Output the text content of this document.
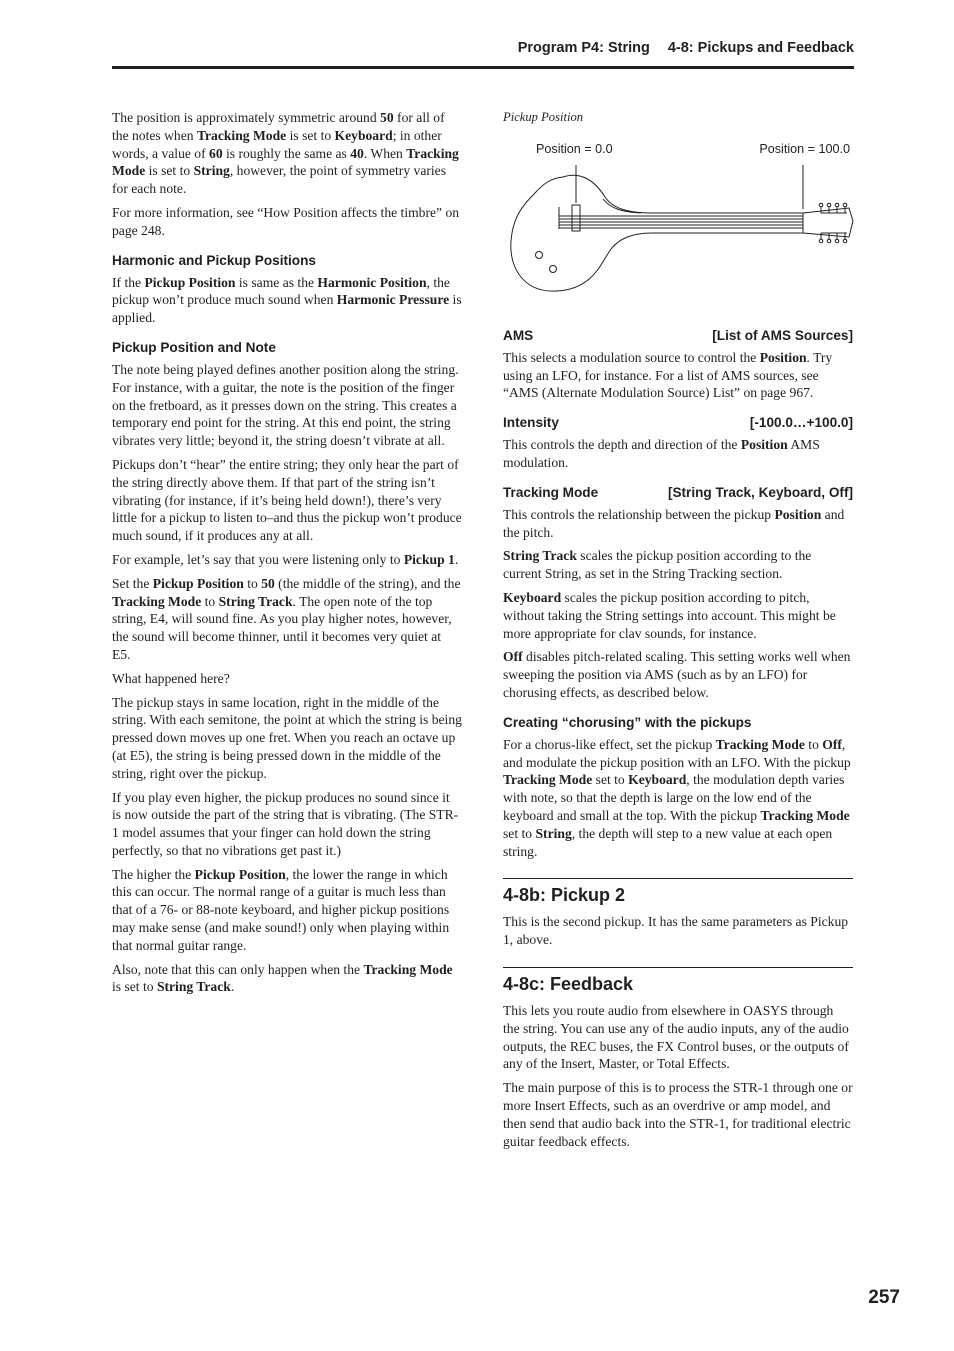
Program P4: String 4-8: Pickups and Feedback

The position is approximately symmetric around 50 for all of the notes when Tracking Mode is set to Keyboard; in other words, a value of 60 is roughly the same as 40. When Tracking Mode is set to String, however, the point of symmetry varies for each note.

For more information, see “How Position affects the timbre” on page 248.

Harmonic and Pickup Positions

If the Pickup Position is same as the Harmonic Position, the pickup won’t produce much sound when Harmonic Pressure is applied.

Pickup Position and Note

The note being played defines another position along the string. For instance, with a guitar, the note is the position of the finger on the fretboard, as it presses down on the string. This creates a temporary end point for the string. At this end point, the string vibrates very little; beyond it, the string doesn’t vibrate at all.

Pickups don’t “hear” the entire string; they only hear the part of the string directly above them. If that part of the string isn’t vibrating (for instance, if it’s being held down!), there’s very little for a pickup to listen to–and thus the pickup won’t produce much sound, if it produces any at all.

For example, let’s say that you were listening only to Pickup 1.

Set the Pickup Position to 50 (the middle of the string), and the Tracking Mode to String Track. The open note of the top string, E4, will sound fine. As you play higher notes, however, the sound will become thinner, until it becomes very quiet at E5.

What happened here?

The pickup stays in same location, right in the middle of the string. With each semitone, the point at which the string is being pressed down moves up one fret. When you reach an octave up (at E5), the string is being pressed down in the middle of the string, right over the pickup.

If you play even higher, the pickup produces no sound since it is now outside the part of the string that is vibrating. (The STR-1 model assumes that your finger can hold down the string perfectly, so that no vibrations get past it.)

The higher the Pickup Position, the lower the range in which this can occur. The normal range of a guitar is much less than that of a 76- or 88-note keyboard, and higher pickup positions may make sense (and make sound!) only when playing within that normal guitar range.

Also, note that this can only happen when the Tracking Mode is set to String Track.

Pickup Position

Position = 0.0	Position = 100.0
AMS	[List of AMS Sources]

This selects a modulation source to control the Position. Try using an LFO, for instance. For a list of AMS sources, see “AMS (Alternate Modulation Source) List” on page 967.

Intensity	[-100.0…+100.0]

This controls the depth and direction of the Position AMS modulation.

Tracking Mode	[String Track, Keyboard, Off]

This controls the relationship between the pickup Position and the pitch.

String Track scales the pickup position according to the current String, as set in the String Tracking section.

Keyboard scales the pickup position according to pitch, without taking the String settings into account. This might be more appropriate for clav sounds, for instance.

Off disables pitch-related scaling. This setting works well when sweeping the position via AMS (such as by an LFO) for chorusing effects, as described below.

Creating “chorusing” with the pickups

For a chorus-like effect, set the pickup Tracking Mode to Off, and modulate the pickup position with an LFO. With the pickup Tracking Mode set to Keyboard, the modulation depth varies with note, so that the depth is large on the low end of the keyboard and small at the top. With the pickup Tracking Mode set to String, the depth will step to a new value at each open string.

4-8b: Pickup 2

This is the second pickup. It has the same parameters as Pickup 1, above.

4-8c: Feedback

This lets you route audio from elsewhere in OASYS through the string. You can use any of the audio inputs, any of the audio outputs, the REC buses, the FX Control buses, or the outputs of any of the Insert, Master, or Total Effects.

The main purpose of this is to process the STR-1 through one or more Insert Effects, such as an overdrive or amp model, and then send that audio back into the STR-1, for traditional electric guitar feedback effects.

257
